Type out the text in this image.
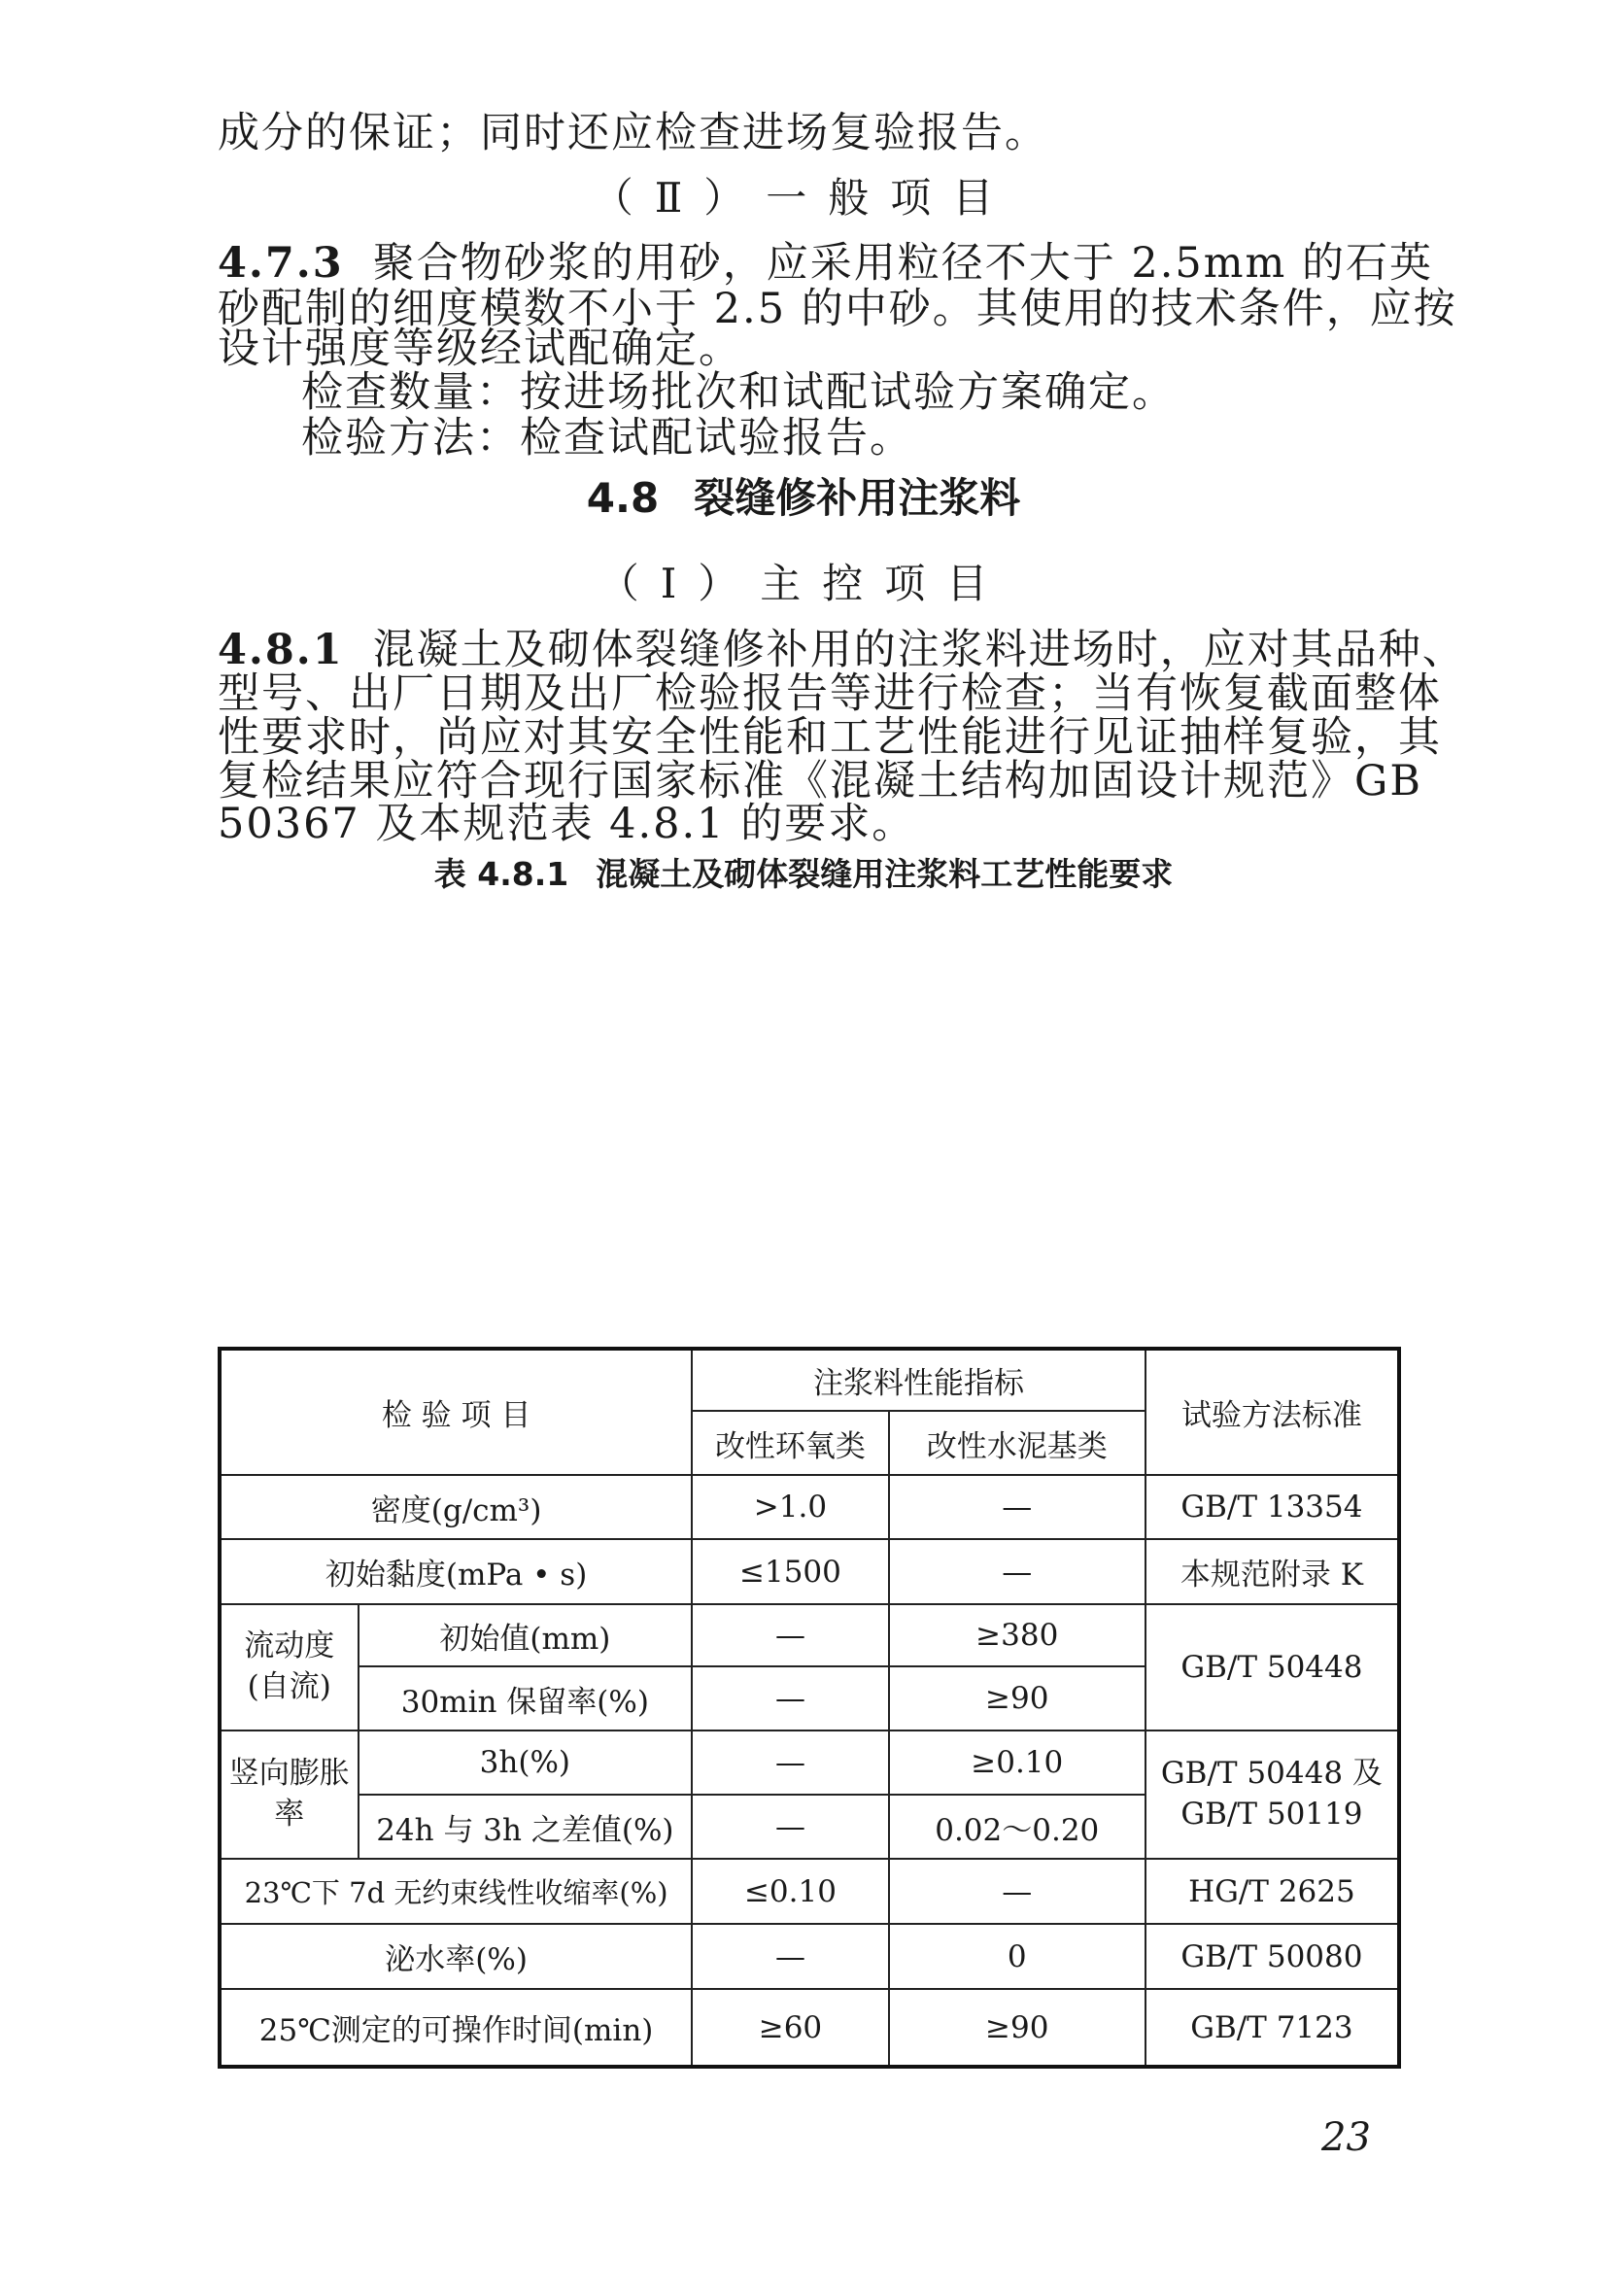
成分的保证；同时还应检查进场复验报告。
（Ⅱ）一般项目
4.7.3 聚合物砂浆的用砂，应采用粒径不大于 2.5mm 的石英
砂配制的细度模数不小于 2.5 的中砂。其使用的技术条件，应按
设计强度等级经试配确定。
检查数量：按进场批次和试配试验方案确定。
检验方法：检查试配试验报告。
4.8 裂缝修补用注浆料
（Ⅰ）主控项目
4.8.1 混凝土及砌体裂缝修补用的注浆料进场时，应对其品种、
型号、出厂日期及出厂检验报告等进行检查；当有恢复截面整体
性要求时，尚应对其安全性能和工艺性能进行见证抽样复验，其
复检结果应符合现行国家标准《混凝土结构加固设计规范》GB
50367 及本规范表 4.8.1 的要求。
表 4.8.1 混凝土及砌体裂缝用注浆料工艺性能要求
检 验 项 目		注浆料性能指标		试验方法标准
		改性环氧类	改性水泥基类	
密度(g/cm³)		>1.0	—	GB/T 13354
初始黏度(mPa • s)		≤1500	—	本规范附录 K
流动度(自流)	初始值(mm)	—	≥380	GB/T 50448
	30min 保留率(%)	—	≥90	
竖向膨胀率	3h(%)	—	≥0.10	GB/T 50448 及
GB/T 50119
	24h 与 3h 之差值(%)	—	0.02～0.20	
23℃下 7d 无约束线性收缩率(%)		≤0.10	—	HG/T 2625
泌水率(%)		—	0	GB/T 50080
25℃测定的可操作时间(min)		≥60	≥90	GB/T 7123
23
